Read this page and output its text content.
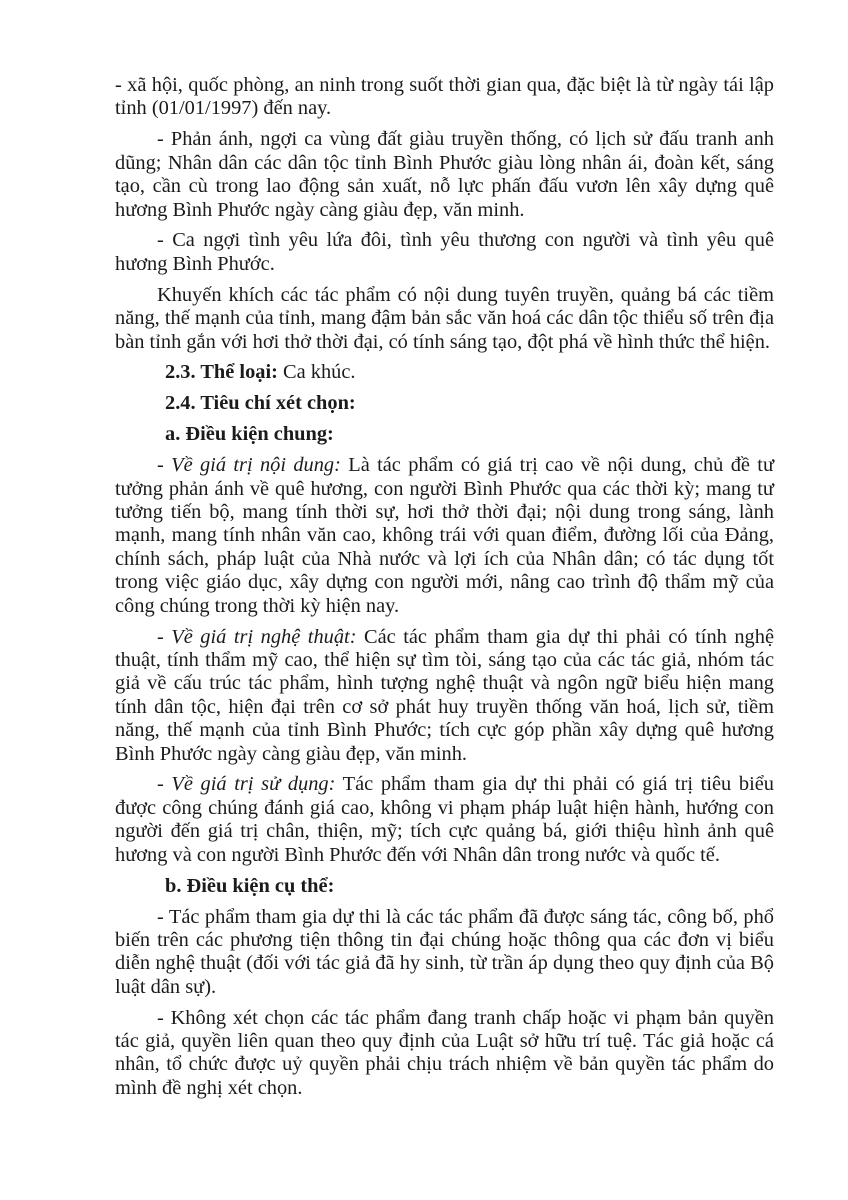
- xã hội, quốc phòng, an ninh trong suốt thời gian qua, đặc biệt là từ ngày tái lập tỉnh (01/01/1997) đến nay.

- Phản ánh, ngợi ca vùng đất giàu truyền thống, có lịch sử đấu tranh anh dũng; Nhân dân các dân tộc tỉnh Bình Phước giàu lòng nhân ái, đoàn kết, sáng tạo, cần cù trong lao động sản xuất, nỗ lực phấn đấu vươn lên xây dựng quê hương Bình Phước ngày càng giàu đẹp, văn minh.

- Ca ngợi tình yêu lứa đôi, tình yêu thương con người và tình yêu quê hương Bình Phước.

Khuyến khích các tác phẩm có nội dung tuyên truyền, quảng bá các tiềm năng, thế mạnh của tỉnh, mang đậm bản sắc văn hoá các dân tộc thiểu số trên địa bàn tỉnh gắn với hơi thở thời đại, có tính sáng tạo, đột phá về hình thức thể hiện.

2.3. Thể loại: Ca khúc.

2.4. Tiêu chí xét chọn:

a. Điều kiện chung:

- Về giá trị nội dung: Là tác phẩm có giá trị cao về nội dung, chủ đề tư tưởng phản ánh về quê hương, con người Bình Phước qua các thời kỳ; mang tư tưởng tiến bộ, mang tính thời sự, hơi thở thời đại; nội dung trong sáng, lành mạnh, mang tính nhân văn cao, không trái với quan điểm, đường lối của Đảng, chính sách, pháp luật của Nhà nước và lợi ích của Nhân dân; có tác dụng tốt trong việc giáo dục, xây dựng con người mới, nâng cao trình độ thẩm mỹ của công chúng trong thời kỳ hiện nay.

- Về giá trị nghệ thuật: Các tác phẩm tham gia dự thi phải có tính nghệ thuật, tính thẩm mỹ cao, thể hiện sự tìm tòi, sáng tạo của các tác giả, nhóm tác giả về cấu trúc tác phẩm, hình tượng nghệ thuật và ngôn ngữ biểu hiện mang tính dân tộc, hiện đại trên cơ sở phát huy truyền thống văn hoá, lịch sử, tiềm năng, thế mạnh của tỉnh Bình Phước; tích cực góp phần xây dựng quê hương Bình Phước ngày càng giàu đẹp, văn minh.

- Về giá trị sử dụng: Tác phẩm tham gia dự thi phải có giá trị tiêu biểu được công chúng đánh giá cao, không vi phạm pháp luật hiện hành, hướng con người đến giá trị chân, thiện, mỹ; tích cực quảng bá, giới thiệu hình ảnh quê hương và con người Bình Phước đến với Nhân dân trong nước và quốc tế.

b. Điều kiện cụ thể:

- Tác phẩm tham gia dự thi là các tác phẩm đã được sáng tác, công bố, phổ biến trên các phương tiện thông tin đại chúng hoặc thông qua các đơn vị biểu diễn nghệ thuật (đối với tác giả đã hy sinh, từ trần áp dụng theo quy định của Bộ luật dân sự).

- Không xét chọn các tác phẩm đang tranh chấp hoặc vi phạm bản quyền tác giả, quyền liên quan theo quy định của Luật sở hữu trí tuệ. Tác giả hoặc cá nhân, tổ chức được uỷ quyền phải chịu trách nhiệm về bản quyền tác phẩm do mình đề nghị xét chọn.
